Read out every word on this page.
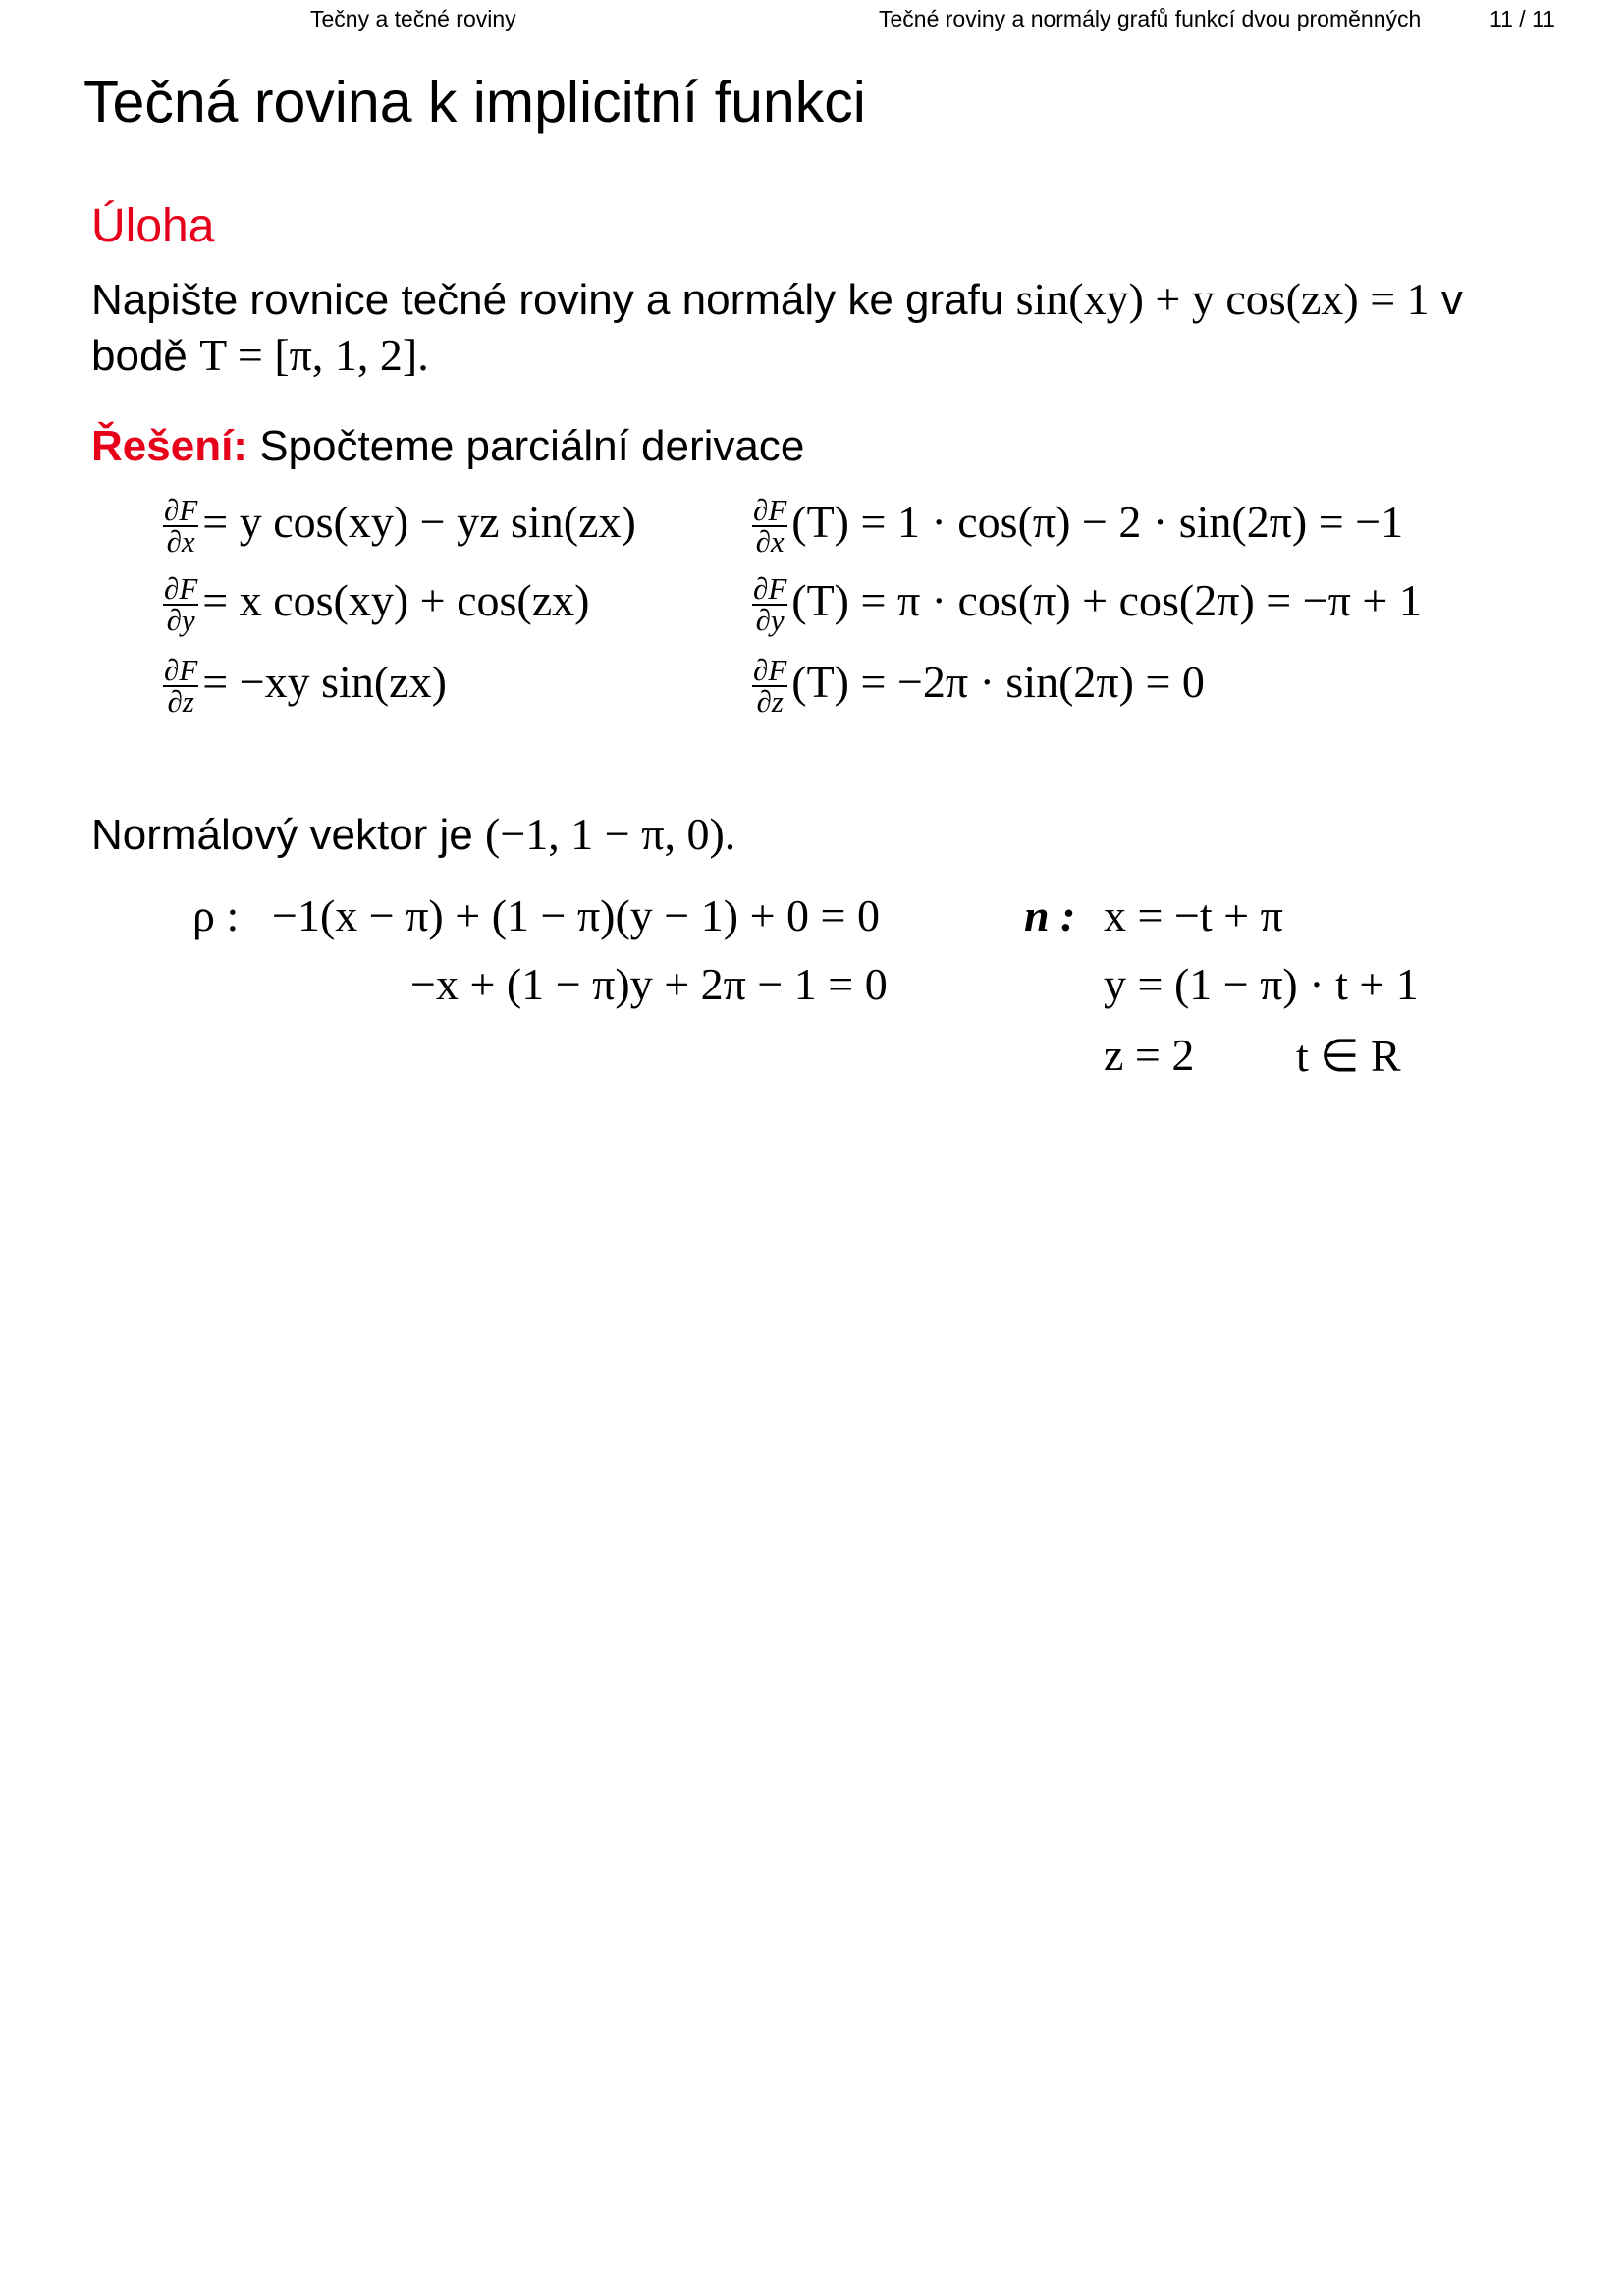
Tečny a tečné roviny	Tečné roviny a normály grafů funkcí dvou proměnných	11 / 11
Tečná rovina k implicitní funkci
Úloha
Napište rovnice tečné roviny a normály ke grafu sin(xy) + y cos(zx) = 1 v
bodě T = [π, 1, 2].
Řešení: Spočteme parciální derivace
$\frac{\partial F}{\partial x} = y$ cos(xy) − yz sin(zx)
$\frac{\partial F}{\partial y} = x$ cos(xy) + cos(zx)
$\frac{\partial F}{\partial z} = -xy$ sin(zx)
$\frac{\partial F}{\partial x} (T) = 1 \cdot \cos(\pi) - 2 \cdot \sin(2\pi) = -1$
$\frac{\partial F}{\partial y} (T) = \pi \cdot \cos(\pi) + \cos(2\pi) = -\pi + 1$
$\frac{\partial F}{\partial z} (T) = -2\pi \cdot \sin(2\pi) = 0$
Normálový vektor je (−1, 1 − π, 0).
ρ : −1(x − π) + (1 − π)(y − 1) + 0 = 0
−x + (1 − π)y + 2π − 1 = 0
n : x = −t + π
y = (1 − π) · t + 1
z = 2 t ∈ R
